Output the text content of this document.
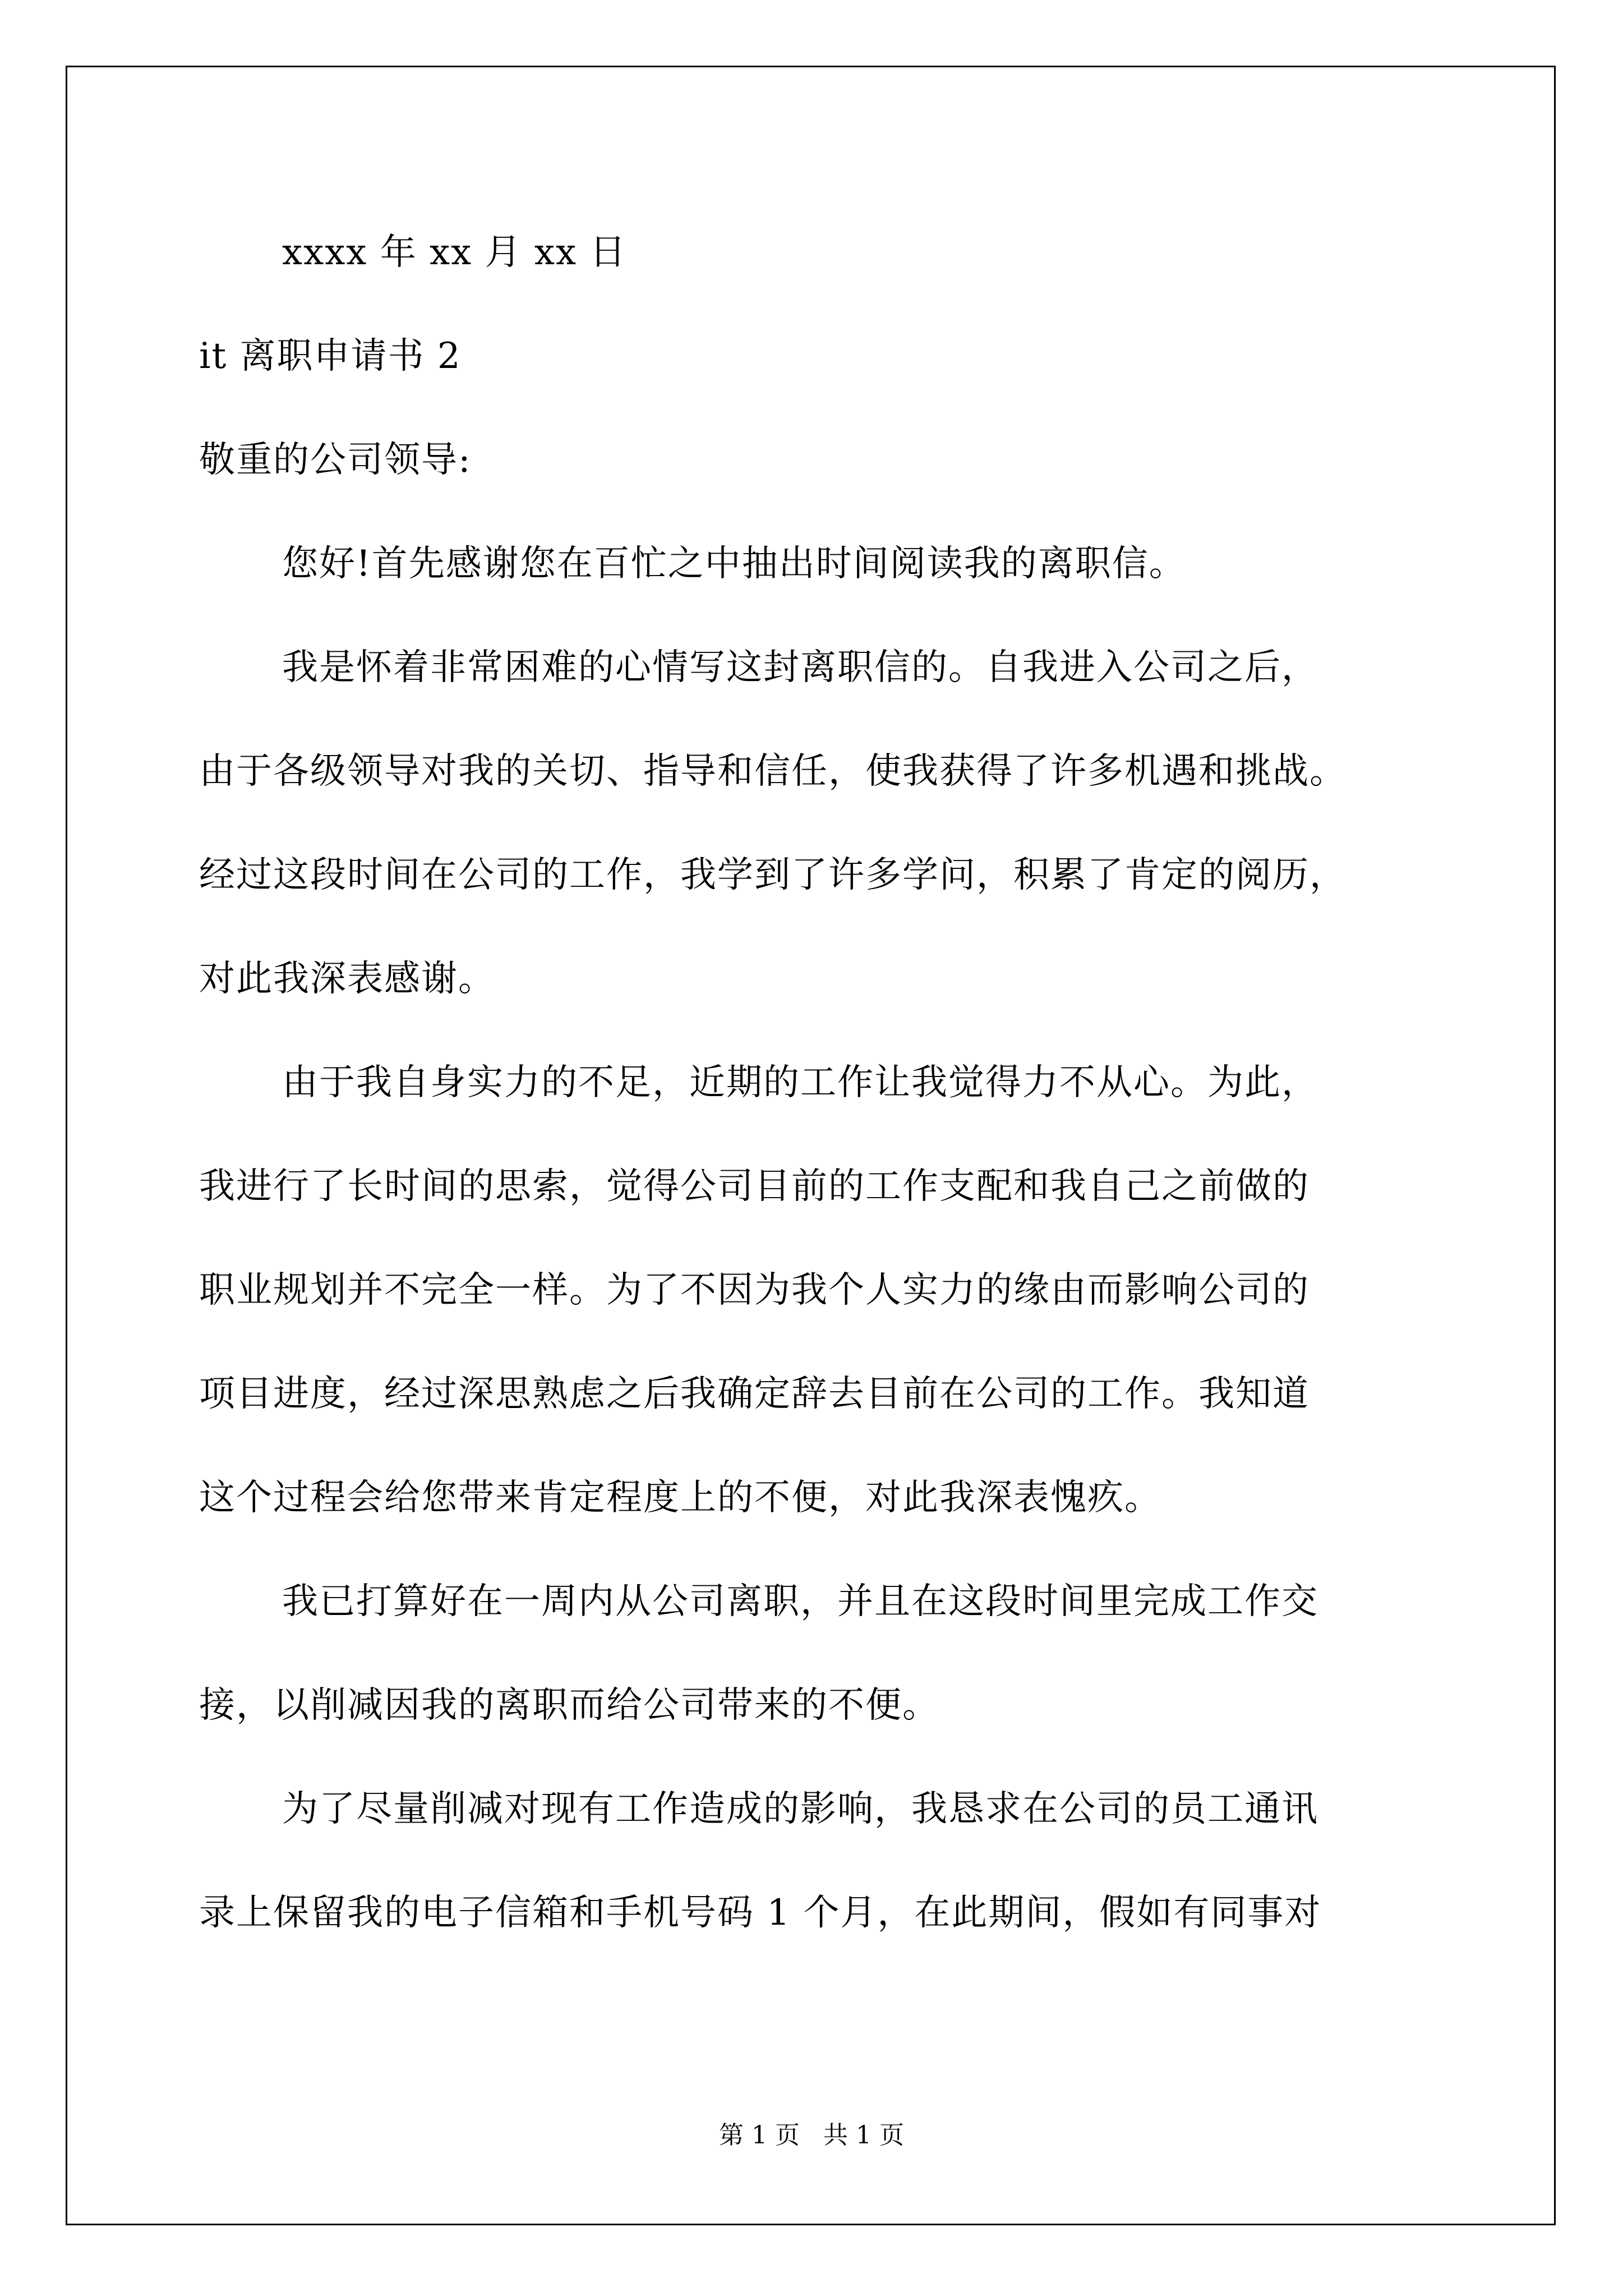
xxxx 年 xx 月 xx 日
it 离职申请书 2
敬重的公司领导:
您好!首先感谢您在百忙之中抽出时间阅读我的离职信。
我是怀着非常困难的心情写这封离职信的。自我进入公司之后，
由于各级领导对我的关切、指导和信任，使我获得了许多机遇和挑战。
经过这段时间在公司的工作，我学到了许多学问，积累了肯定的阅历，
对此我深表感谢。
由于我自身实力的不足，近期的工作让我觉得力不从心。为此，
我进行了长时间的思索，觉得公司目前的工作支配和我自己之前做的
职业规划并不完全一样。为了不因为我个人实力的缘由而影响公司的
项目进度，经过深思熟虑之后我确定辞去目前在公司的工作。我知道
这个过程会给您带来肯定程度上的不便，对此我深表愧疚。
我已打算好在一周内从公司离职，并且在这段时间里完成工作交
接，以削减因我的离职而给公司带来的不便。
为了尽量削减对现有工作造成的影响，我恳求在公司的员工通讯
录上保留我的电子信箱和手机号码 1 个月，在此期间，假如有同事对
第 1 页 共 1 页
